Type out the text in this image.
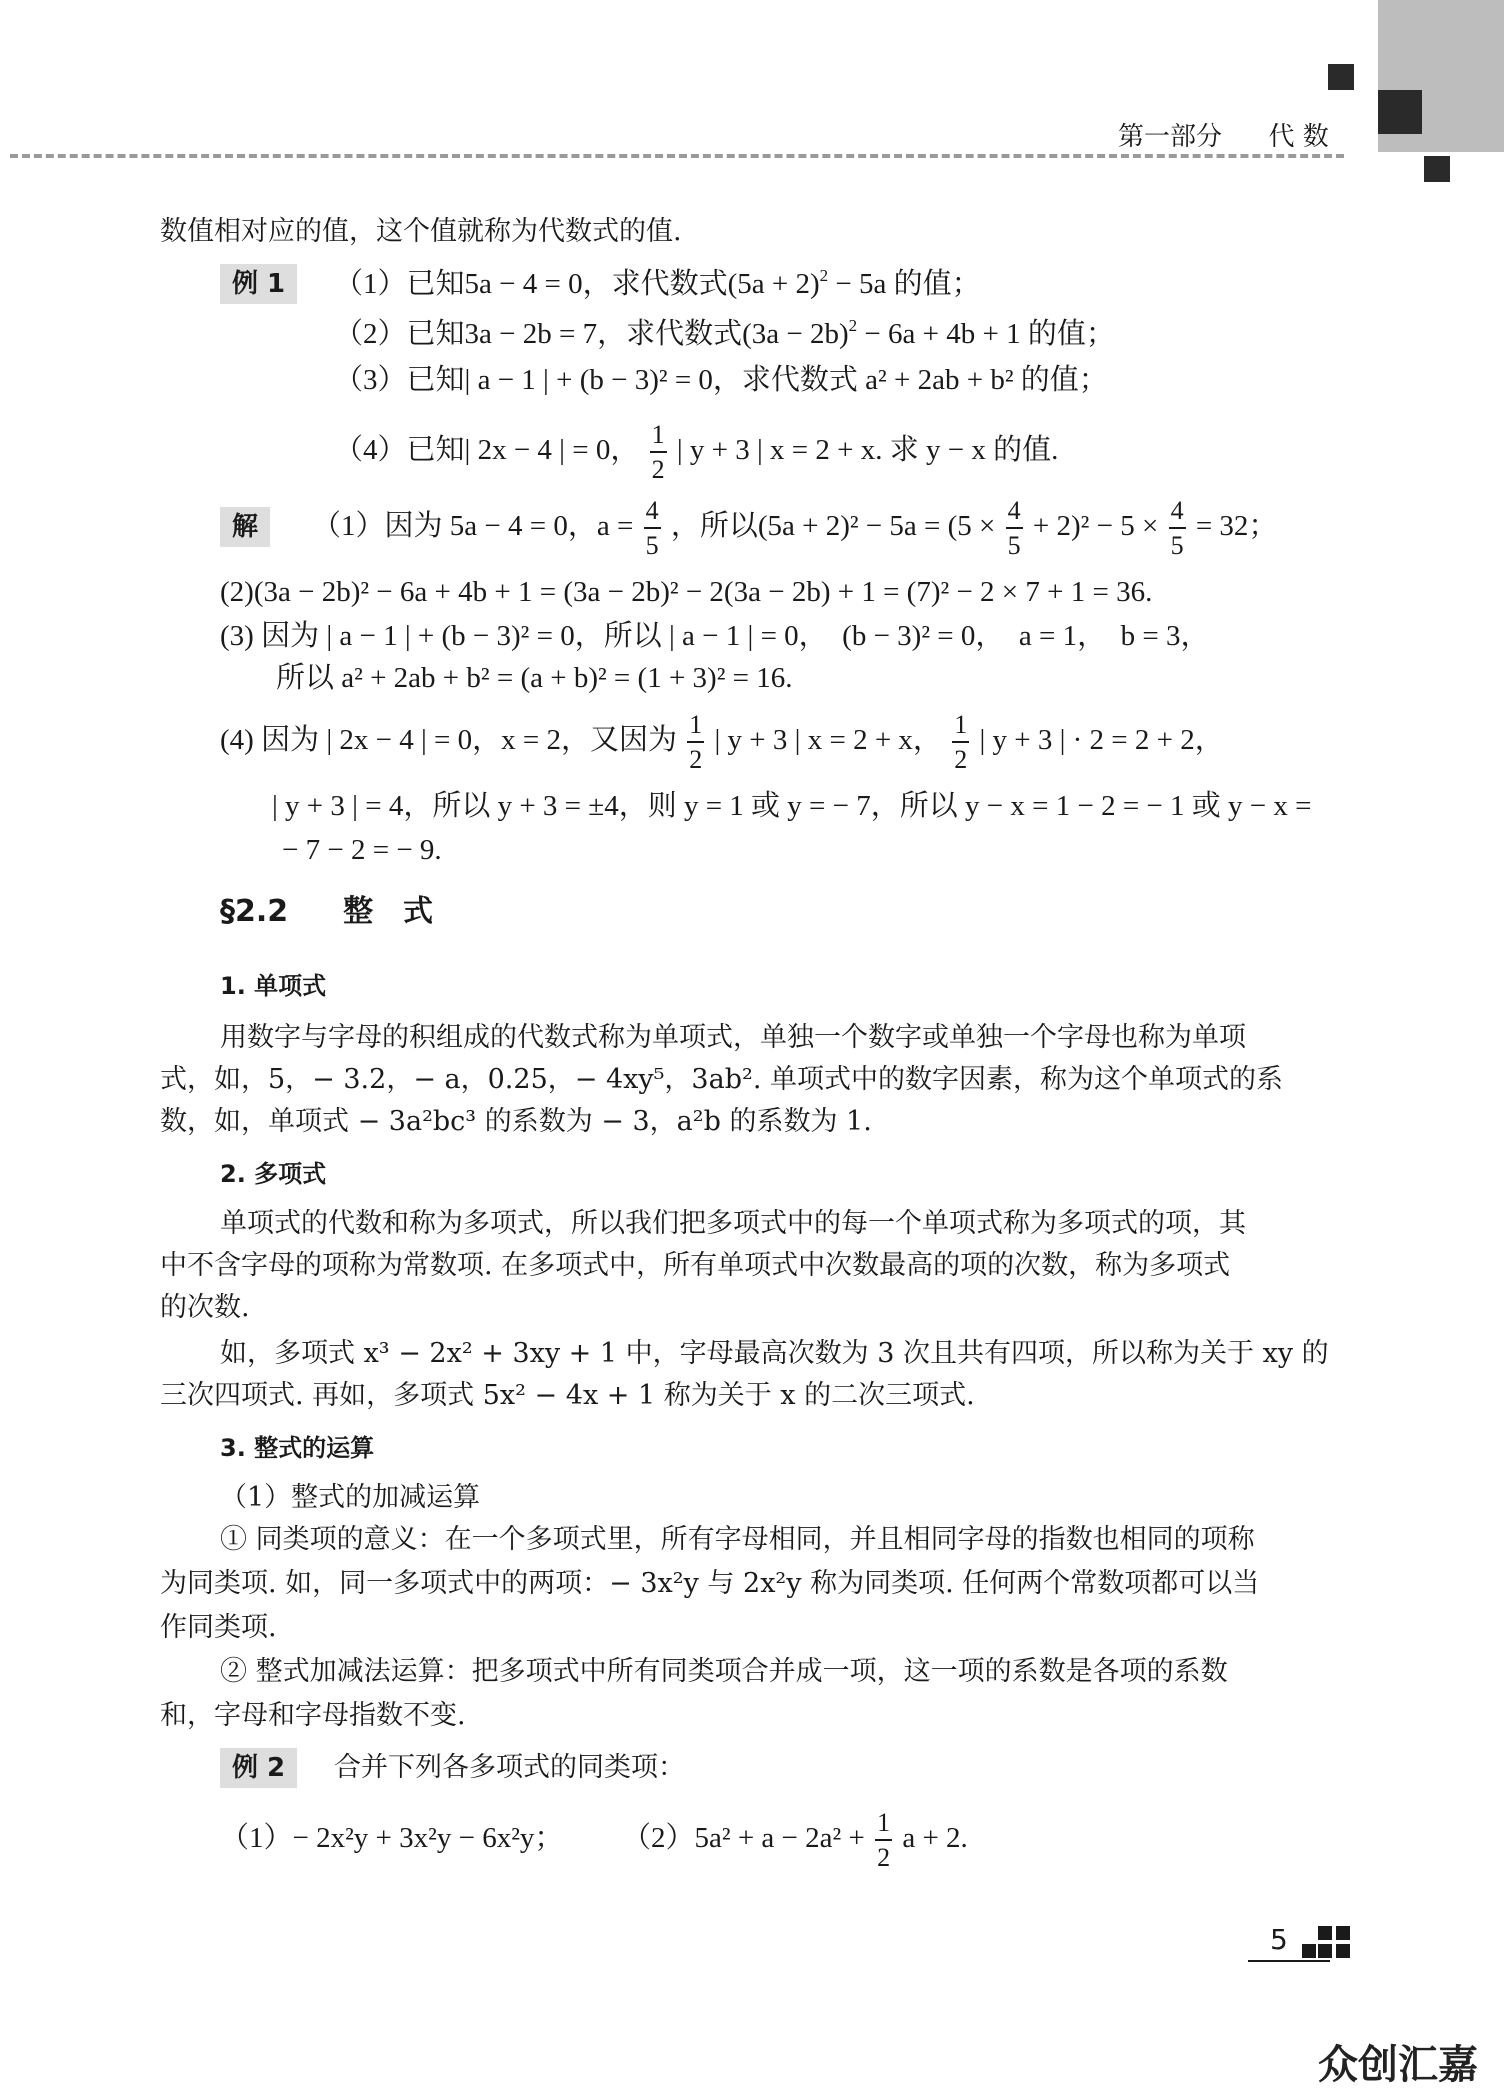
第一部分 代 数
数值相对应的值，这个值就称为代数式的值.
例 1	（1）已知5a − 4 = 0，求代数式$(5a + 2)^2 - 5a$ 的值；
（2）已知3a − 2b = 7，求代数式$(3a - 2b)^2 - 6a + 4b + 1$ 的值；
（3）已知| a − 1 | + (b − 3)² = 0，求代数式 a² + 2ab + b² 的值；
（4）已知| 2x − 4 | = 0， $\frac{1}{2}$ | y + 3 | x = 2 + x. 求 y − x 的值.
解	（1）因为 5a − 4 = 0，$a = \frac{4}{5}$ ，所以$(5a + 2)^2 - 5a = (5 \times \frac{4}{5} + 2)^2 - 5 \times \frac{4}{5} = 32$；
(2)(3a − 2b)² − 6a + 4b + 1 = (3a − 2b)² − 2(3a − 2b) + 1 = (7)² − 2 × 7 + 1 = 36.
(3) 因为 | a − 1 | + (b − 3)² = 0，所以 | a − 1 | = 0，　(b − 3)² = 0，　a = 1，　b = 3，
所以 a² + 2ab + b² = (a + b)² = (1 + 3)² = 16.
(4) 因为 | 2x − 4 | = 0，x = 2，又因为 $\frac{1}{2}$ | y + 3 | x = 2 + x， $\frac{1}{2}$ | y + 3 | · 2 = 2 + 2，
| y + 3 | = 4，所以 y + 3 = ±4，则 y = 1 或 y = − 7，所以 y − x = 1 − 2 = − 1 或 y − x =
− 7 − 2 = − 9.
§2.2 整　式
1. 单项式
用数字与字母的积组成的代数式称为单项式，单独一个数字或单独一个字母也称为单项
式，如，5，− 3.2，− a，0.25，− 4xy⁵，3ab². 单项式中的数字因素，称为这个单项式的系
数，如，单项式 − 3a²bc³ 的系数为 − 3，a²b 的系数为 1.
2. 多项式
单项式的代数和称为多项式，所以我们把多项式中的每一个单项式称为多项式的项，其
中不含字母的项称为常数项. 在多项式中，所有单项式中次数最高的项的次数，称为多项式
的次数.
如，多项式 x³ − 2x² + 3xy + 1 中，字母最高次数为 3 次且共有四项，所以称为关于 xy 的
三次四项式. 再如，多项式 5x² − 4x + 1 称为关于 x 的二次三项式.
3. 整式的运算
（1）整式的加减运算
① 同类项的意义：在一个多项式里，所有字母相同，并且相同字母的指数也相同的项称
为同类项. 如，同一多项式中的两项：− 3x²y 与 2x²y 称为同类项. 任何两个常数项都可以当
作同类项.
② 整式加减法运算：把多项式中所有同类项合并成一项，这一项的系数是各项的系数
和，字母和字母指数不变.
例 2	合并下列各多项式的同类项：
（1）− 2x²y + 3x²y − 6x²y； $(2)5a^2 + a - 2a^2 + \frac{1}{2}$ a + 2.
5
众创汇嘉
